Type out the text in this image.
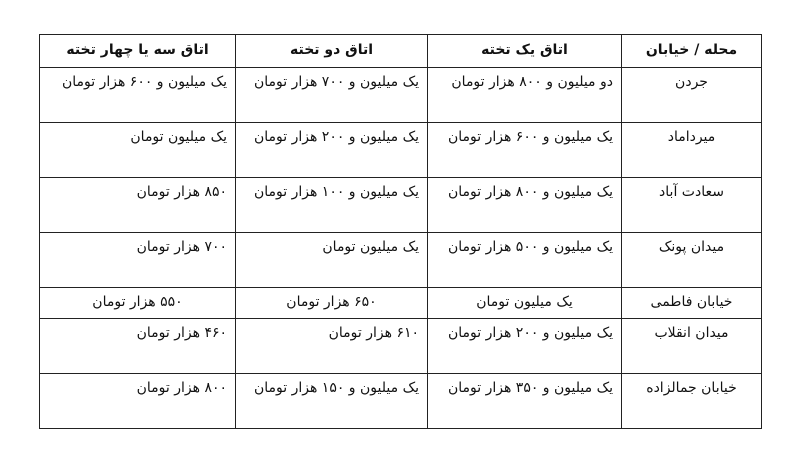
محله / خیابان	اتاق یک تخته	اتاق دو تخته	اتاق سه یا چهار تخته
جردن	دو میلیون و ۸۰۰ هزار تومان	یک میلیون و ۷۰۰ هزار تومان	یک میلیون و ۶۰۰ هزار تومان
میرداماد	یک میلیون و ۶۰۰ هزار تومان	یک میلیون و ۲۰۰ هزار تومان	یک میلیون تومان
سعادت آباد	یک میلیون و ۸۰۰ هزار تومان	یک میلیون و ۱۰۰ هزار تومان	۸۵۰ هزار تومان
میدان پونک	یک میلیون و ۵۰۰ هزار تومان	یک میلیون تومان	۷۰۰ هزار تومان
خیابان فاطمی	یک میلیون تومان	۶۵۰ هزار تومان	۵۵۰ هزار تومان
میدان انقلاب	یک میلیون و ۲۰۰ هزار تومان	۶۱۰ هزار تومان	۴۶۰ هزار تومان
خیابان جمالزاده	یک میلیون و ۳۵۰ هزار تومان	یک میلیون و ۱۵۰ هزار تومان	۸۰۰ هزار تومان
